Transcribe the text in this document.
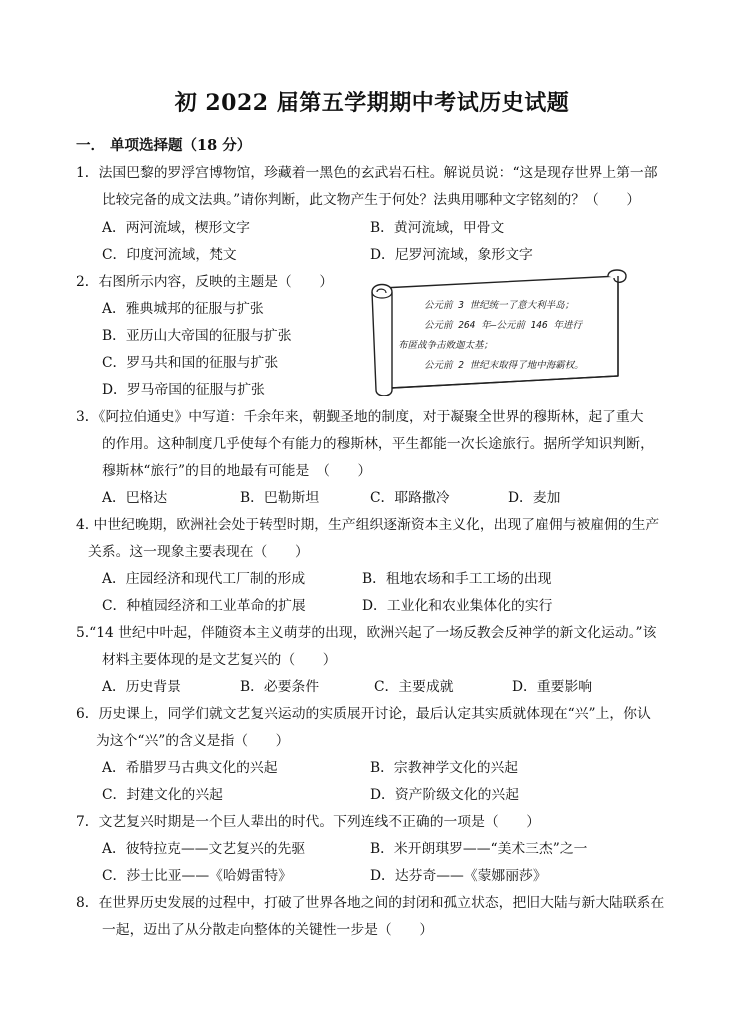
初 2022 届第五学期期中考试历史试题
一． 单项选择题（18 分）
1．法国巴黎的罗浮宫博物馆，珍藏着一黑色的玄武岩石柱。解说员说：“这是现存世界上第一部
比较完备的成文法典。”请你判断，此文物产生于何处？法典用哪种文字铭刻的？（　　）
A．两河流域，楔形文字	B．黄河流域，甲骨文
C．印度河流域，梵文	D．尼罗河流域，象形文字
2．右图所示内容，反映的主题是（　　）
A．雅典城邦的征服与扩张
B．亚历山大帝国的征服与扩张
C．罗马共和国的征服与扩张
D．罗马帝国的征服与扩张
公元前 3 世纪统一了意大利半岛；
公元前 264 年—公元前 146 年进行
布匿战争击败迦太基；
公元前 2 世纪末取得了地中海霸权。
3．《阿拉伯通史》中写道：千余年来，朝觐圣地的制度，对于凝聚全世界的穆斯林，起了重大
的作用。这种制度几乎使每个有能力的穆斯林，平生都能一次长途旅行。据所学知识判断，
穆斯林“旅行”的目的地最有可能是　（　　）
A．巴格达	B．巴勒斯坦	C．耶路撒冷	D．麦加
4. 中世纪晚期，欧洲社会处于转型时期，生产组织逐渐资本主义化，出现了雇佣与被雇佣的生产
关系。这一现象主要表现在（　　）
A．庄园经济和现代工厂制的形成	B．租地农场和手工工场的出现
C．种植园经济和工业革命的扩展	D．工业化和农业集体化的实行
5.“14 世纪中叶起，伴随资本主义萌芽的出现，欧洲兴起了一场反教会反神学的新文化运动。”该
材料主要体现的是文艺复兴的（　　）
A．历史背景	B．必要条件	C．主要成就	D．重要影响
6．历史课上，同学们就文艺复兴运动的实质展开讨论，最后认定其实质就体现在“兴”上，你认
为这个“兴”的含义是指（　　）
A．希腊罗马古典文化的兴起	B．宗教神学文化的兴起
C．封建文化的兴起	D．资产阶级文化的兴起
7．文艺复兴时期是一个巨人辈出的时代。下列连线不正确的一项是（　　）
A．彼特拉克——文艺复兴的先驱	B．米开朗琪罗——“美术三杰”之一
C．莎士比亚——《哈姆雷特》	D．达芬奇——《蒙娜丽莎》
8．在世界历史发展的过程中，打破了世界各地之间的封闭和孤立状态，把旧大陆与新大陆联系在
一起，迈出了从分散走向整体的关键性一步是（　　）
